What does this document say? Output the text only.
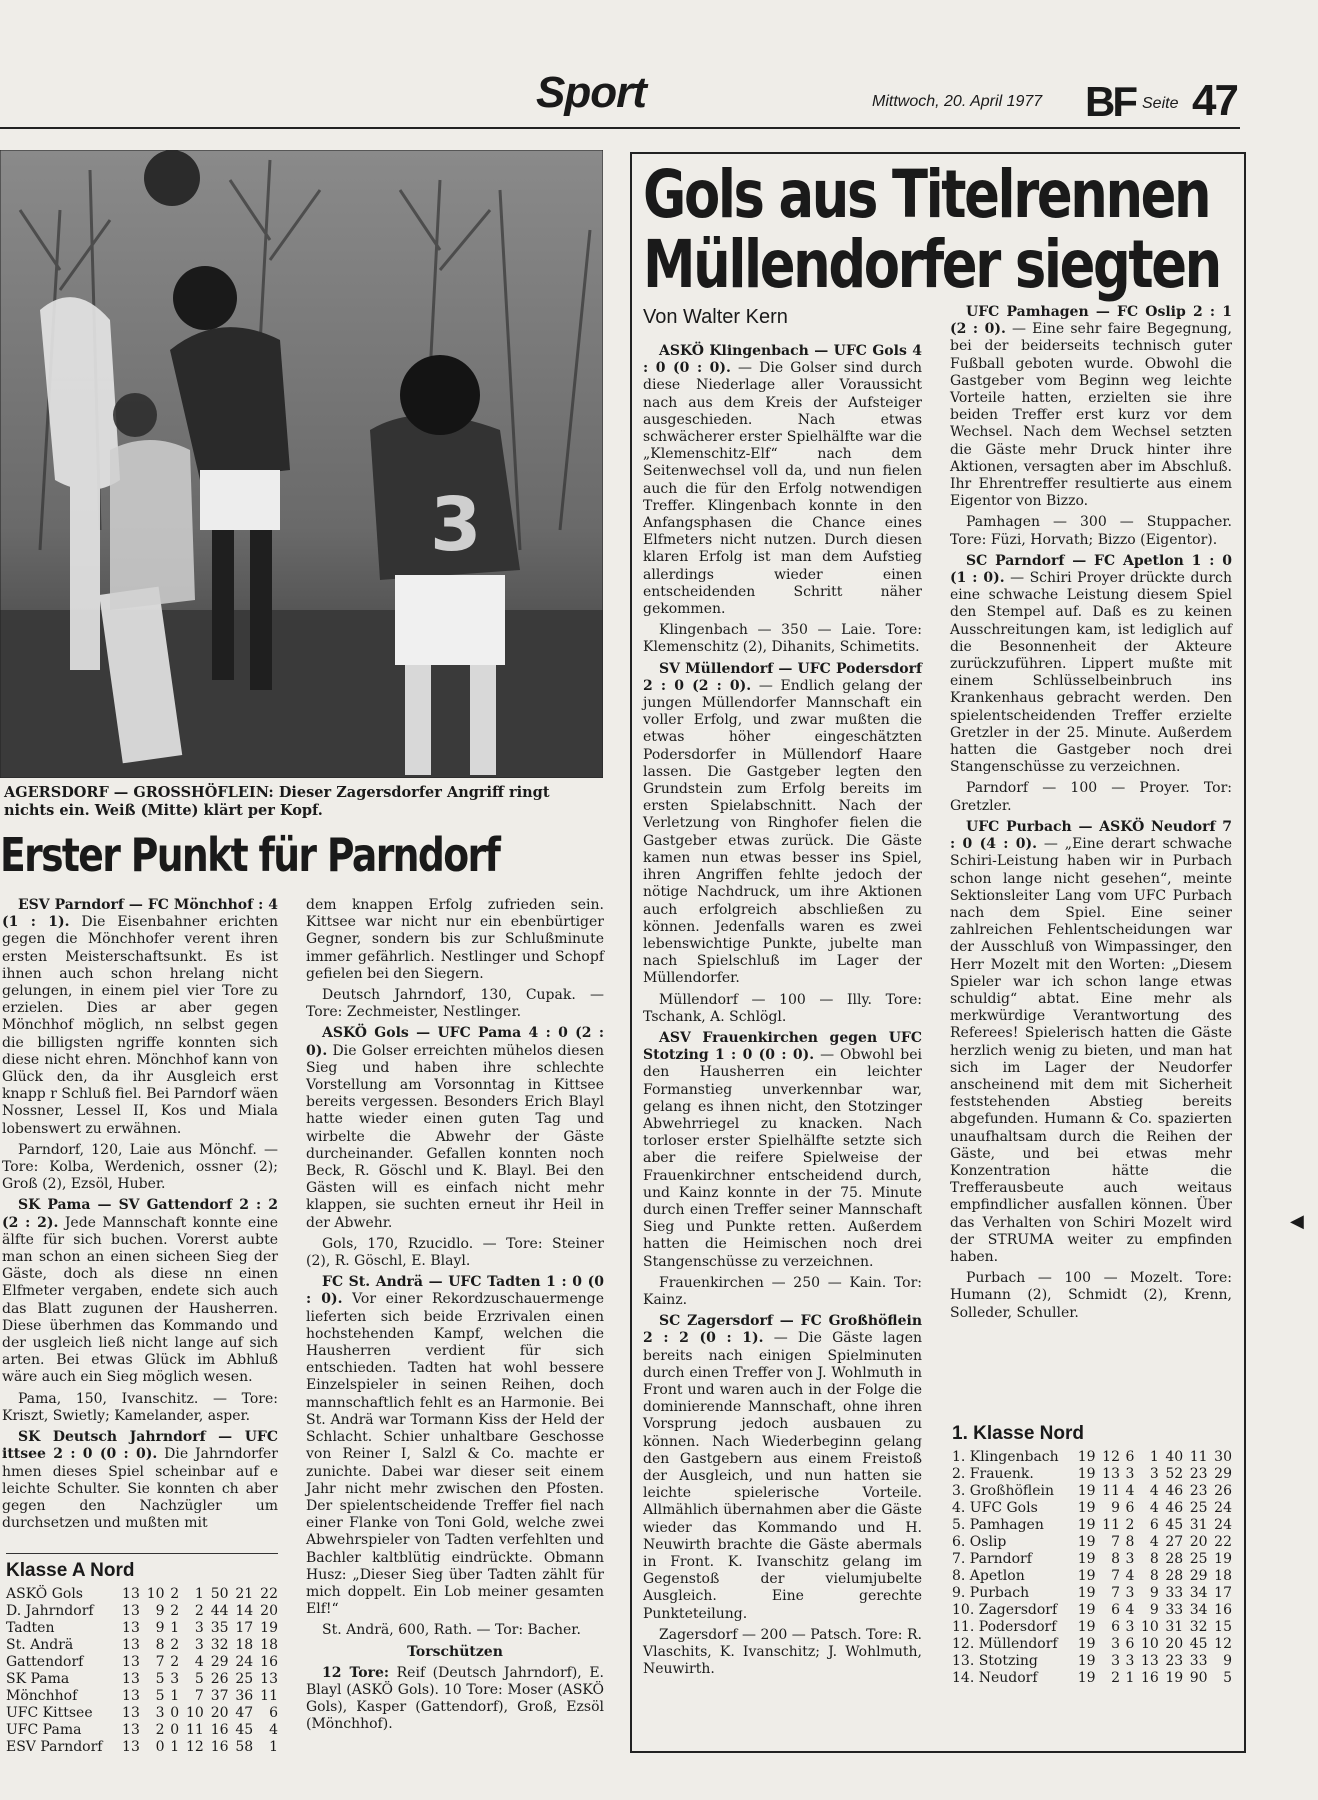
Sport	Mittwoch, 20. April 1977 BF Seite 47
3
AGERSDORF — GROSSHÖFLEIN: Dieser Zagersdorfer Angriff ringt nichts ein. Weiß (Mitte) klärt per Kopf.
Erster Punkt für Parndorf

ESV Parndorf — FC Mönchhof : 4 (1 : 1). Die Eisenbahner erichten gegen die Mönchhofer verent ihren ersten Meisterschaftsunkt. Es ist ihnen auch schon hrelang nicht gelungen, in einem piel vier Tore zu erzielen. Dies ar aber gegen Mönchhof möglich, nn selbst gegen die billigsten ngriffe konnten sich diese nicht ehren. Mönchhof kann von Glück den, da ihr Ausgleich erst knapp r Schluß fiel. Bei Parndorf wäen Nossner, Lessel II, Kos und Miala lobenswert zu erwähnen.

Parndorf, 120, Laie aus Mönchf. — Tore: Kolba, Werdenich, ossner (2); Groß (2), Ezsöl, Huber.

SK Pama — SV Gattendorf 2 : 2 (2 : 2). Jede Mannschaft konnte eine älfte für sich buchen. Vorerst aubte man schon an einen sicheen Sieg der Gäste, doch als diese nn einen Elfmeter vergaben, endete sich auch das Blatt zugunen der Hausherren. Diese überhmen das Kommando und der usgleich ließ nicht lange auf sich arten. Bei etwas Glück im Abhluß wäre auch ein Sieg möglich wesen.

Pama, 150, Ivanschitz. — Tore: Kriszt, Swietly; Kamelander, asper.

SK Deutsch Jahrndorf — UFC ittsee 2 : 0 (0 : 0). Die Jahrndorfer hmen dieses Spiel scheinbar auf e leichte Schulter. Sie konnten ch aber gegen den Nachzügler um durchsetzen und mußten mit

Klasse A Nord
ASKÖ Gols	13	10	2	1	50	21	22
D. Jahrndorf	13	9	2	2	44	14	20
Tadten	13	9	1	3	35	17	19
St. Andrä	13	8	2	3	32	18	18
Gattendorf	13	7	2	4	29	24	16
SK Pama	13	5	3	5	26	25	13
Mönchhof	13	5	1	7	37	36	11
UFC Kittsee	13	3	0	10	20	47	6
UFC Pama	13	2	0	11	16	45	4
ESV Parndorf	13	0	1	12	16	58	1

dem knappen Erfolg zufrieden sein. Kittsee war nicht nur ein ebenbürtiger Gegner, sondern bis zur Schlußminute immer gefährlich. Nestlinger und Schopf gefielen bei den Siegern.

Deutsch Jahrndorf, 130, Cupak. — Tore: Zechmeister, Nestlinger.

ASKÖ Gols — UFC Pama 4 : 0 (2 : 0). Die Golser erreichten mühelos diesen Sieg und haben ihre schlechte Vorstellung am Vorsonntag in Kittsee bereits vergessen. Besonders Erich Blayl hatte wieder einen guten Tag und wirbelte die Abwehr der Gäste durcheinander. Gefallen konnten noch Beck, R. Göschl und K. Blayl. Bei den Gästen will es einfach nicht mehr klappen, sie suchten erneut ihr Heil in der Abwehr.

Gols, 170, Rzucidlo. — Tore: Steiner (2), R. Göschl, E. Blayl.

FC St. Andrä — UFC Tadten 1 : 0 (0 : 0). Vor einer Rekordzuschauermenge lieferten sich beide Erzrivalen einen hochstehenden Kampf, welchen die Hausherren verdient für sich entschieden. Tadten hat wohl bessere Einzelspieler in seinen Reihen, doch mannschaftlich fehlt es an Harmonie. Bei St. Andrä war Tormann Kiss der Held der Schlacht. Schier unhaltbare Geschosse von Reiner I, Salzl & Co. machte er zunichte. Dabei war dieser seit einem Jahr nicht mehr zwischen den Pfosten. Der spielentscheidende Treffer fiel nach einer Flanke von Toni Gold, welche zwei Abwehrspieler von Tadten verfehlten und Bachler kaltblütig eindrückte. Obmann Husz: „Dieser Sieg über Tadten zählt für mich doppelt. Ein Lob meiner gesamten Elf!“

St. Andrä, 600, Rath. — Tor: Bacher.

Torschützen

12 Tore: Reif (Deutsch Jahrndorf), E. Blayl (ASKÖ Gols). 10 Tore: Moser (ASKÖ Gols), Kasper (Gattendorf), Groß, Ezsöl (Mönchhof).

Gols aus Titelrennen
Müllendorfer siegten
Von Walter Kern

ASKÖ Klingenbach — UFC Gols 4 : 0 (0 : 0). — Die Golser sind durch diese Niederlage aller Voraussicht nach aus dem Kreis der Aufsteiger ausgeschieden. Nach etwas schwächerer erster Spielhälfte war die „Klemenschitz-Elf“ nach dem Seitenwechsel voll da, und nun fielen auch die für den Erfolg notwendigen Treffer. Klingenbach konnte in den Anfangsphasen die Chance eines Elfmeters nicht nutzen. Durch diesen klaren Erfolg ist man dem Aufstieg allerdings wieder einen entscheidenden Schritt näher gekommen.

Klingenbach — 350 — Laie. Tore: Klemenschitz (2), Dihanits, Schimetits.

SV Müllendorf — UFC Podersdorf 2 : 0 (2 : 0). — Endlich gelang der jungen Müllendorfer Mannschaft ein voller Erfolg, und zwar mußten die etwas höher eingeschätzten Podersdorfer in Müllendorf Haare lassen. Die Gastgeber legten den Grundstein zum Erfolg bereits im ersten Spielabschnitt. Nach der Verletzung von Ringhofer fielen die Gastgeber etwas zurück. Die Gäste kamen nun etwas besser ins Spiel, ihren Angriffen fehlte jedoch der nötige Nachdruck, um ihre Aktionen auch erfolgreich abschließen zu können. Jedenfalls waren es zwei lebenswichtige Punkte, jubelte man nach Spielschluß im Lager der Müllendorfer.

Müllendorf — 100 — Illy. Tore: Tschank, A. Schlögl.

ASV Frauenkirchen gegen UFC Stotzing 1 : 0 (0 : 0). — Obwohl bei den Hausherren ein leichter Formanstieg unverkennbar war, gelang es ihnen nicht, den Stotzinger Abwehrriegel zu knacken. Nach torloser erster Spielhälfte setzte sich aber die reifere Spielweise der Frauenkirchner entscheidend durch, und Kainz konnte in der 75. Minute durch einen Treffer seiner Mannschaft Sieg und Punkte retten. Außerdem hatten die Heimischen noch drei Stangenschüsse zu verzeichnen.

Frauenkirchen — 250 — Kain. Tor: Kainz.

SC Zagersdorf — FC Großhöflein 2 : 2 (0 : 1). — Die Gäste lagen bereits nach einigen Spielminuten durch einen Treffer von J. Wohlmuth in Front und waren auch in der Folge die dominierende Mannschaft, ohne ihren Vorsprung jedoch ausbauen zu können. Nach Wiederbeginn gelang den Gastgebern aus einem Freistoß der Ausgleich, und nun hatten sie leichte spielerische Vorteile. Allmählich übernahmen aber die Gäste wieder das Kommando und H. Neuwirth brachte die Gäste abermals in Front. K. Ivanschitz gelang im Gegenstoß der vielumjubelte Ausgleich. Eine gerechte Punkteteilung.

Zagersdorf — 200 — Patsch. Tore: R. Vlaschits, K. Ivanschitz; J. Wohlmuth, Neuwirth.

UFC Pamhagen — FC Oslip 2 : 1 (2 : 0). — Eine sehr faire Begegnung, bei der beiderseits technisch guter Fußball geboten wurde. Obwohl die Gastgeber vom Beginn weg leichte Vorteile hatten, erzielten sie ihre beiden Treffer erst kurz vor dem Wechsel. Nach dem Wechsel setzten die Gäste mehr Druck hinter ihre Aktionen, versagten aber im Abschluß. Ihr Ehrentreffer resultierte aus einem Eigentor von Bizzo.

Pamhagen — 300 — Stuppacher. Tore: Füzi, Horvath; Bizzo (Eigentor).

SC Parndorf — FC Apetlon 1 : 0 (1 : 0). — Schiri Proyer drückte durch eine schwache Leistung diesem Spiel den Stempel auf. Daß es zu keinen Ausschreitungen kam, ist lediglich auf die Besonnenheit der Akteure zurückzuführen. Lippert mußte mit einem Schlüsselbeinbruch ins Krankenhaus gebracht werden. Den spielentscheidenden Treffer erzielte Gretzler in der 25. Minute. Außerdem hatten die Gastgeber noch drei Stangenschüsse zu verzeichnen.

Parndorf — 100 — Proyer. Tor: Gretzler.

UFC Purbach — ASKÖ Neudorf 7 : 0 (4 : 0). — „Eine derart schwache Schiri-Leistung haben wir in Purbach schon lange nicht gesehen“, meinte Sektionsleiter Lang vom UFC Purbach nach dem Spiel. Eine seiner zahlreichen Fehlentscheidungen war der Ausschluß von Wimpassinger, den Herr Mozelt mit den Worten: „Diesem Spieler war ich schon lange etwas schuldig“ abtat. Eine mehr als merkwürdige Verantwortung des Referees! Spielerisch hatten die Gäste herzlich wenig zu bieten, und man hat sich im Lager der Neudorfer anscheinend mit dem mit Sicherheit feststehenden Abstieg bereits abgefunden. Humann & Co. spazierten unaufhaltsam durch die Reihen der Gäste, und bei etwas mehr Konzentration hätte die Trefferausbeute auch weitaus empfindlicher ausfallen können. Über das Verhalten von Schiri Mozelt wird der STRUMA weiter zu empfinden haben.

Purbach — 100 — Mozelt. Tore: Humann (2), Schmidt (2), Krenn, Solleder, Schuller.

1. Klasse Nord
1. Klingenbach	19	12	6	1	40	11	30
2. Frauenk.	19	13	3	3	52	23	29
3. Großhöflein	19	11	4	4	46	23	26
4. UFC Gols	19	9	6	4	46	25	24
5. Pamhagen	19	11	2	6	45	31	24
6. Oslip	19	7	8	4	27	20	22
7. Parndorf	19	8	3	8	28	25	19
8. Apetlon	19	7	4	8	28	29	18
9. Purbach	19	7	3	9	33	34	17
10. Zagersdorf	19	6	4	9	33	34	16
11. Podersdorf	19	6	3	10	31	32	15
12. Müllendorf	19	3	6	10	20	45	12
13. Stotzing	19	3	3	13	23	33	9
14. Neudorf	19	2	1	16	19	90	5
◀
